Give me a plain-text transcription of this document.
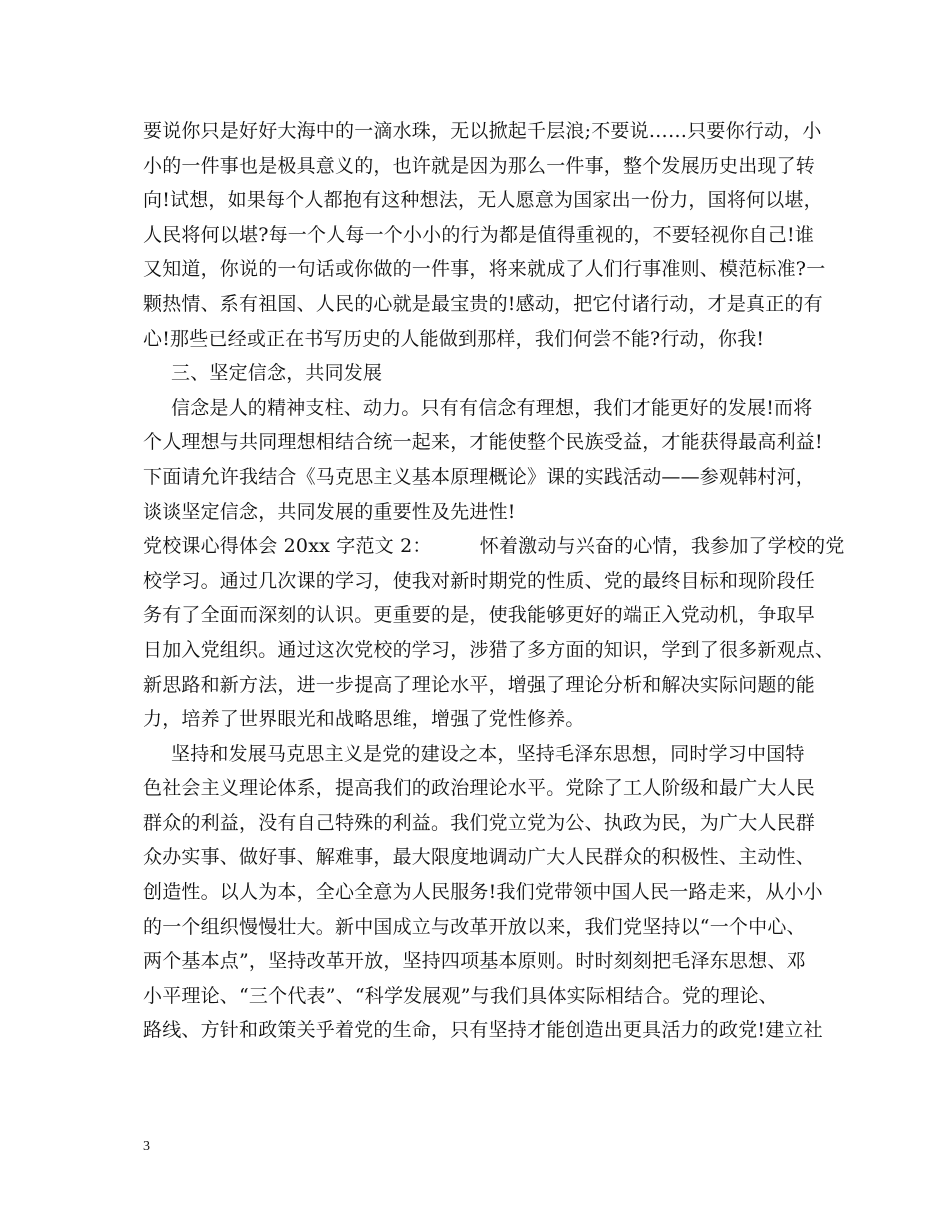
要说你只是好好大海中的一滴水珠，无以掀起千层浪;不要说……只要你行动，小
小的一件事也是极具意义的，也许就是因为那么一件事，整个发展历史出现了转
向!试想，如果每个人都抱有这种想法，无人愿意为国家出一份力，国将何以堪，
人民将何以堪?每一个人每一个小小的行为都是值得重视的，不要轻视你自己!谁
又知道，你说的一句话或你做的一件事，将来就成了人们行事准则、模范标准?一
颗热情、系有祖国、人民的心就是最宝贵的!感动，把它付诸行动，才是真正的有
心!那些已经或正在书写历史的人能做到那样，我们何尝不能?行动，你我!
三、坚定信念，共同发展
信念是人的精神支柱、动力。只有有信念有理想，我们才能更好的发展!而将
个人理想与共同理想相结合统一起来，才能使整个民族受益，才能获得最高利益!
下面请允许我结合《马克思主义基本原理概论》课的实践活动——参观韩村河，
谈谈坚定信念，共同发展的重要性及先进性!
党校课心得体会 20xx 字范文 2：　　　怀着激动与兴奋的心情，我参加了学校的党
校学习。通过几次课的学习，使我对新时期党的性质、党的最终目标和现阶段任
务有了全面而深刻的认识。更重要的是，使我能够更好的端正入党动机，争取早
日加入党组织。通过这次党校的学习，涉猎了多方面的知识，学到了很多新观点、
新思路和新方法，进一步提高了理论水平，增强了理论分析和解决实际问题的能
力，培养了世界眼光和战略思维，增强了党性修养。
坚持和发展马克思主义是党的建设之本，坚持毛泽东思想，同时学习中国特
色社会主义理论体系，提高我们的政治理论水平。党除了工人阶级和最广大人民
群众的利益，没有自己特殊的利益。我们党立党为公、执政为民，为广大人民群
众办实事、做好事、解难事，最大限度地调动广大人民群众的积极性、主动性、
创造性。以人为本，全心全意为人民服务!我们党带领中国人民一路走来，从小小
的一个组织慢慢壮大。新中国成立与改革开放以来，我们党坚持以“一个中心、
两个基本点”，坚持改革开放，坚持四项基本原则。时时刻刻把毛泽东思想、邓
小平理论、“三个代表”、“科学发展观”与我们具体实际相结合。党的理论、
路线、方针和政策关乎着党的生命，只有坚持才能创造出更具活力的政党!建立社
3
